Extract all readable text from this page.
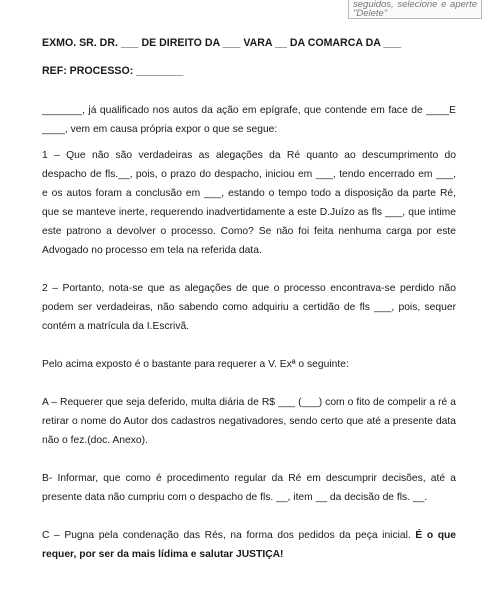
seguidos, selecione e aperte "Delete"

EXMO. SR. DR. ___ DE DIREITO DA ___ VARA __ DA COMARCA DA ___

REF: PROCESSO: ________

_______, já qualificado nos autos da ação em epígrafe, que contende em face de ____E ____, vem em causa própria expor o que se segue:

1 – Que não são verdadeiras as alegações da Ré quanto ao descumprimento do despacho de fls.__, pois, o prazo do despacho, iniciou em ___, tendo encerrado em ___, e os autos foram a conclusão em ___, estando o tempo todo a disposição da parte Ré, que se manteve inerte, requerendo inadvertidamente a este D.Juízo as fls ___, que intime este patrono a devolver o processo. Como? Se não foi feita nenhuma carga por este Advogado no processo em tela na referida data.

2 – Portanto, nota-se que as alegações de que o processo encontrava-se perdido não podem ser verdadeiras, não sabendo como adquiriu a certidão de fls ___, pois, sequer contém a matrícula da I.Escrivã.

Pelo acima exposto é o bastante para requerer a V. Exª o seguinte:

A – Requerer que seja deferido, multa diária de R$ ___ (___) com o fito de compelir a ré a retirar o nome do Autor dos cadastros negativadores, sendo certo que até a presente data não o fez.(doc. Anexo).

B- Informar, que como é procedimento regular da Ré em descumprir decisões, até a presente data não cumpriu com o despacho de fls. __, item __ da decisão de fls. __.

C – Pugna pela condenação das Rés, na forma dos pedidos da peça inicial. É o que requer, por ser da mais lídima e salutar JUSTIÇA!
